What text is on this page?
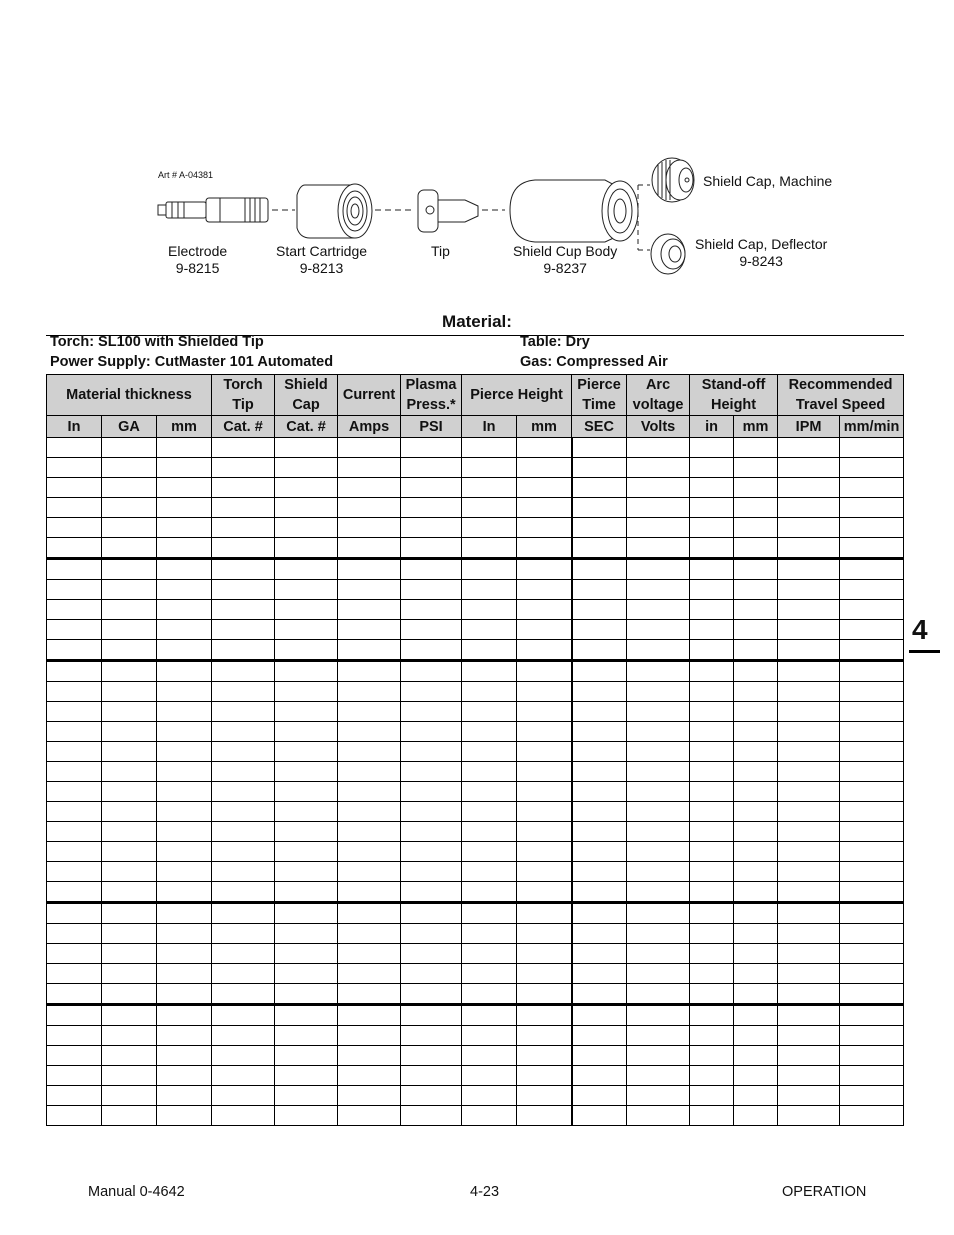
Art # A-04381
Electrode
9-8215
Start Cartridge
9-8213
Tip	Shield Cup Body
9-8237
Shield Cap, Machine
Shield Cap, Deflector
9-8243
Material:
Torch: SL100 with Shielded Tip
Power Supply: CutMaster 101 Automated
Table: Dry
Gas: Compressed Air
Material thickness			Torch Tip	Shield Cap	Current	Plasma Press.*	Pierce Height		Pierce Time	Arc voltage	Stand-off Height		Recommended Travel Speed	
In	GA	mm	Cat. #	Cat. #	Amps	PSI	In	mm	SEC	Volts	in	mm	IPM	mm/min

4
Manual 0-4642	4-23	OPERATION
